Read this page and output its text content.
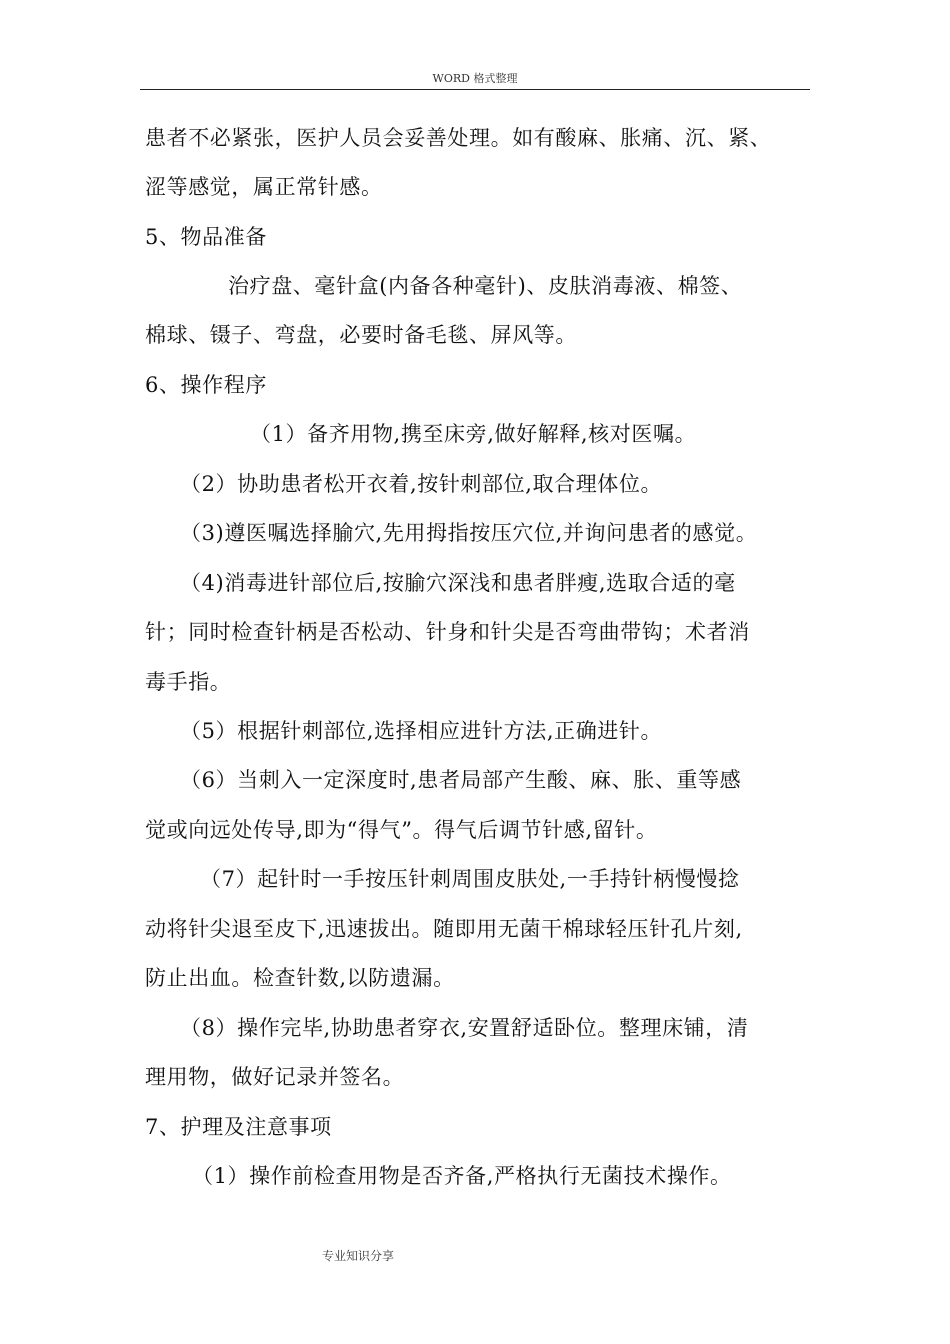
WORD 格式整理
患者不必紧张，医护人员会妥善处理。如有酸麻、胀痛、沉、紧、
涩等感觉，属正常针感。
5、物品准备
治疗盘、毫针盒(内备各种毫针)、皮肤消毒液、棉签、
棉球、镊子、弯盘，必要时备毛毯、屏风等。
6、操作程序
（1）备齐用物,携至床旁,做好解释,核对医嘱。
（2）协助患者松开衣着,按针刺部位,取合理体位。
（3)遵医嘱选择腧穴,先用拇指按压穴位,并询问患者的感觉。
（4)消毒进针部位后,按腧穴深浅和患者胖瘦,选取合适的毫
针；同时检查针柄是否松动、针身和针尖是否弯曲带钩；术者消
毒手指。
（5）根据针刺部位,选择相应进针方法,正确进针。
（6）当刺入一定深度时,患者局部产生酸、麻、胀、重等感
觉或向远处传导,即为“得气”。得气后调节针感,留针。
（7）起针时一手按压针刺周围皮肤处,一手持针柄慢慢捻
动将针尖退至皮下,迅速拔出。随即用无菌干棉球轻压针孔片刻,
防止出血。检查针数,以防遗漏。
（8）操作完毕,协助患者穿衣,安置舒适卧位。整理床铺，清
理用物，做好记录并签名。
7、护理及注意事项
（1）操作前检查用物是否齐备,严格执行无菌技术操作。
专业知识分享
